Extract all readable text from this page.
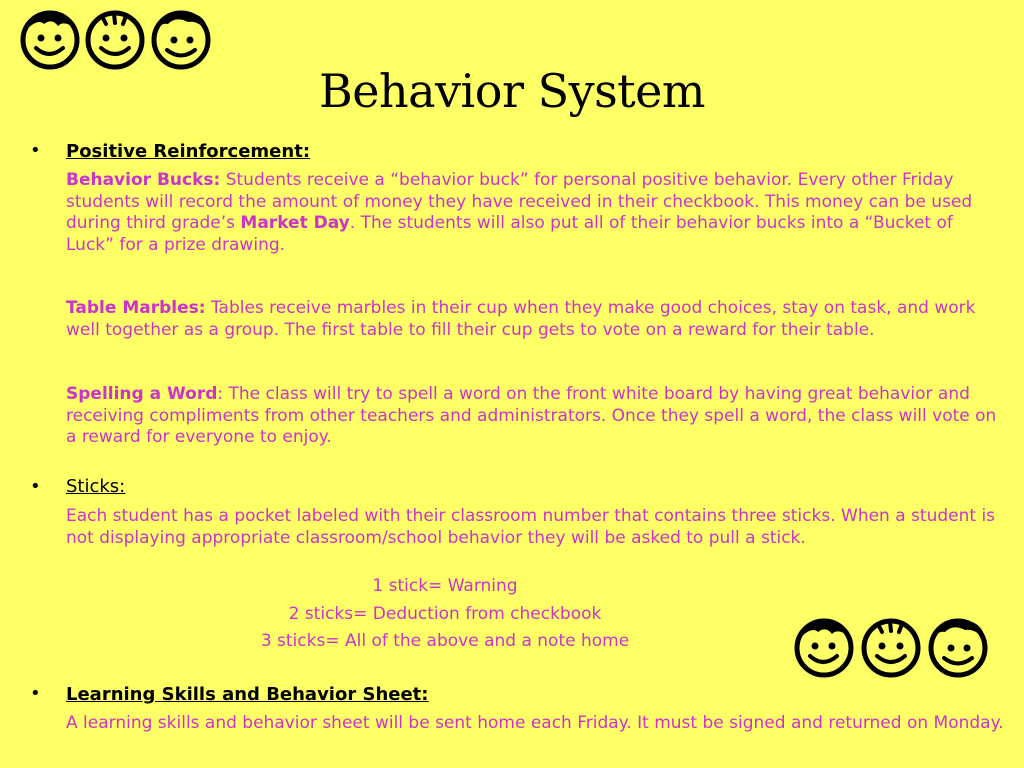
Behavior System
• Positive Reinforcement:
Behavior Bucks: Students receive a “behavior buck” for personal positive behavior. Every other Friday students will record the amount of money they have received in their checkbook. This money can be used during third grade’s Market Day. The students will also put all of their behavior bucks into a “Bucket of Luck” for a prize drawing.
Table Marbles: Tables receive marbles in their cup when they make good choices, stay on task, and work well together as a group. The first table to fill their cup gets to vote on a reward for their table.
Spelling a Word: The class will try to spell a word on the front white board by having great behavior and receiving compliments from other teachers and administrators. Once they spell a word, the class will vote on a reward for everyone to enjoy.
• Sticks:
Each student has a pocket labeled with their classroom number that contains three sticks. When a student is not displaying appropriate classroom/school behavior they will be asked to pull a stick.
1 stick= Warning
2 sticks= Deduction from checkbook
3 sticks= All of the above and a note home
• Learning Skills and Behavior Sheet:
A learning skills and behavior sheet will be sent home each Friday. It must be signed and returned on Monday.
